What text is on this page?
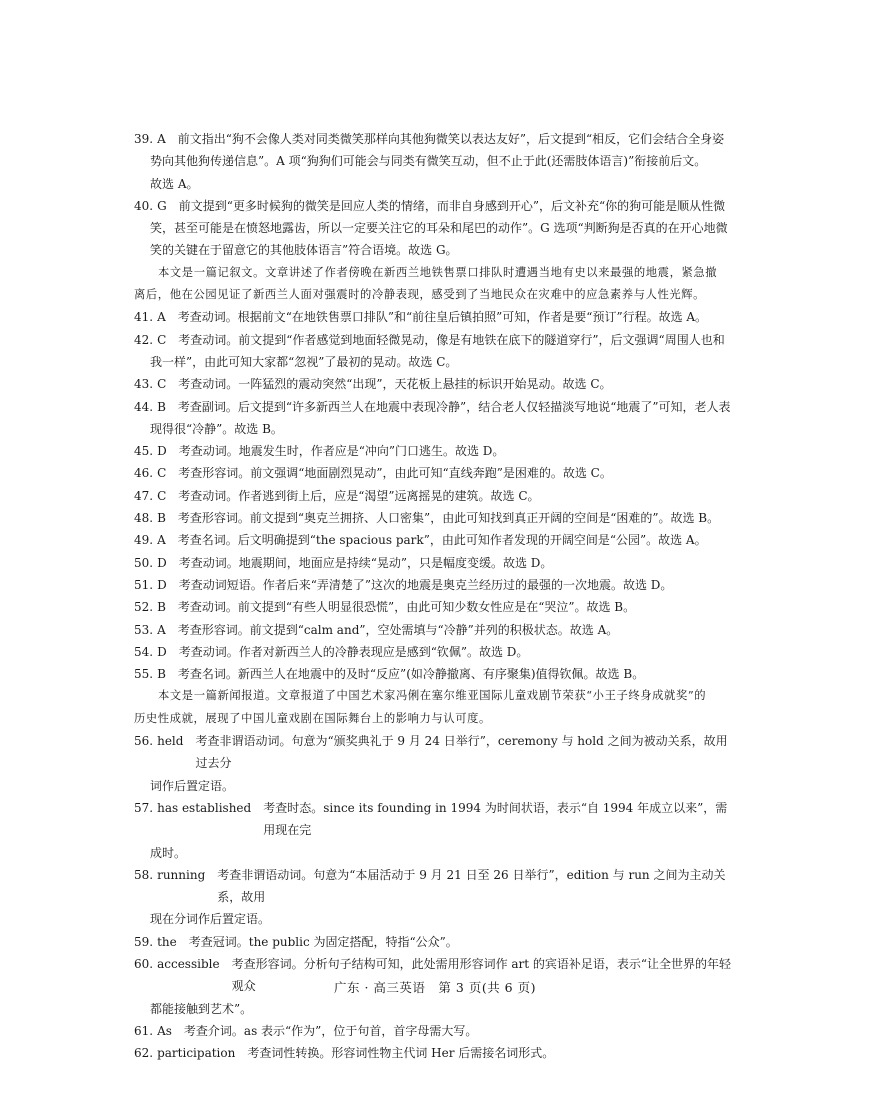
39. A 前文指出“狗不会像人类对同类微笑那样向其他狗微笑以表达友好”，后文提到“相反，它们会结合全身姿
势向其他狗传递信息”。A 项“狗狗们可能会与同类有微笑互动，但不止于此(还需肢体语言)”衔接前后文。
故选 A。
40. G 前文提到“更多时候狗的微笑是回应人类的情绪，而非自身感到开心”，后文补充“你的狗可能是顺从性微
笑，甚至可能是在愤怒地露齿，所以一定要关注它的耳朵和尾巴的动作”。G 选项“判断狗是否真的在开心地微
笑的关键在于留意它的其他肢体语言”符合语境。故选 G。
本文是一篇记叙文。文章讲述了作者傍晚在新西兰地铁售票口排队时遭遇当地有史以来最强的地震，紧急撤
离后，他在公园见证了新西兰人面对强震时的冷静表现，感受到了当地民众在灾难中的应急素养与人性光辉。
41. A 考查动词。根据前文“在地铁售票口排队”和“前往皇后镇拍照”可知，作者是要“预订”行程。故选 A。
42. C 考查动词。前文提到“作者感觉到地面轻微晃动，像是有地铁在底下的隧道穿行”，后文强调“周围人也和
我一样”，由此可知大家都“忽视”了最初的晃动。故选 C。
43. C 考查动词。一阵猛烈的震动突然“出现”，天花板上悬挂的标识开始晃动。故选 C。
44. B 考查副词。后文提到“许多新西兰人在地震中表现冷静”，结合老人仅轻描淡写地说“地震了”可知，老人表
现得很“冷静”。故选 B。
45. D 考查动词。地震发生时，作者应是“冲向”门口逃生。故选 D。
46. C 考查形容词。前文强调“地面剧烈晃动”，由此可知“直线奔跑”是困难的。故选 C。
47. C 考查动词。作者逃到街上后，应是“渴望”远离摇晃的建筑。故选 C。
48. B 考查形容词。前文提到“奥克兰拥挤、人口密集”，由此可知找到真正开阔的空间是“困难的”。故选 B。
49. A 考查名词。后文明确提到“the spacious park”，由此可知作者发现的开阔空间是“公园”。故选 A。
50. D 考查动词。地震期间，地面应是持续“晃动”，只是幅度变缓。故选 D。
51. D 考查动词短语。作者后来“弄清楚了”这次的地震是奥克兰经历过的最强的一次地震。故选 D。
52. B 考查动词。前文提到“有些人明显很恐慌”，由此可知少数女性应是在“哭泣”。故选 B。
53. A 考查形容词。前文提到“calm and”，空处需填与“冷静”并列的积极状态。故选 A。
54. D 考查动词。作者对新西兰人的冷静表现应是感到“钦佩”。故选 D。
55. B 考查名词。新西兰人在地震中的及时“反应”(如冷静撤离、有序聚集)值得钦佩。故选 B。
本文是一篇新闻报道。文章报道了中国艺术家冯俐在塞尔维亚国际儿童戏剧节荣获“小王子终身成就奖”的
历史性成就，展现了中国儿童戏剧在国际舞台上的影响力与认可度。
56. held 考查非谓语动词。句意为“颁奖典礼于 9 月 24 日举行”，ceremony 与 hold 之间为被动关系，故用过去分
词作后置定语。
57. has established 考查时态。since its founding in 1994 为时间状语，表示“自 1994 年成立以来”，需用现在完
成时。
58. running 考查非谓语动词。句意为“本届活动于 9 月 21 日至 26 日举行”，edition 与 run 之间为主动关系，故用
现在分词作后置定语。
59. the 考查冠词。the public 为固定搭配，特指“公众”。
60. accessible 考查形容词。分析句子结构可知，此处需用形容词作 art 的宾语补足语，表示“让全世界的年轻观众
都能接触到艺术”。
61. As 考查介词。as 表示“作为”，位于句首，首字母需大写。
62. participation 考查词性转换。形容词性物主代词 Her 后需接名词形式。
广东 · 高三英语　第 3 页(共 6 页)
